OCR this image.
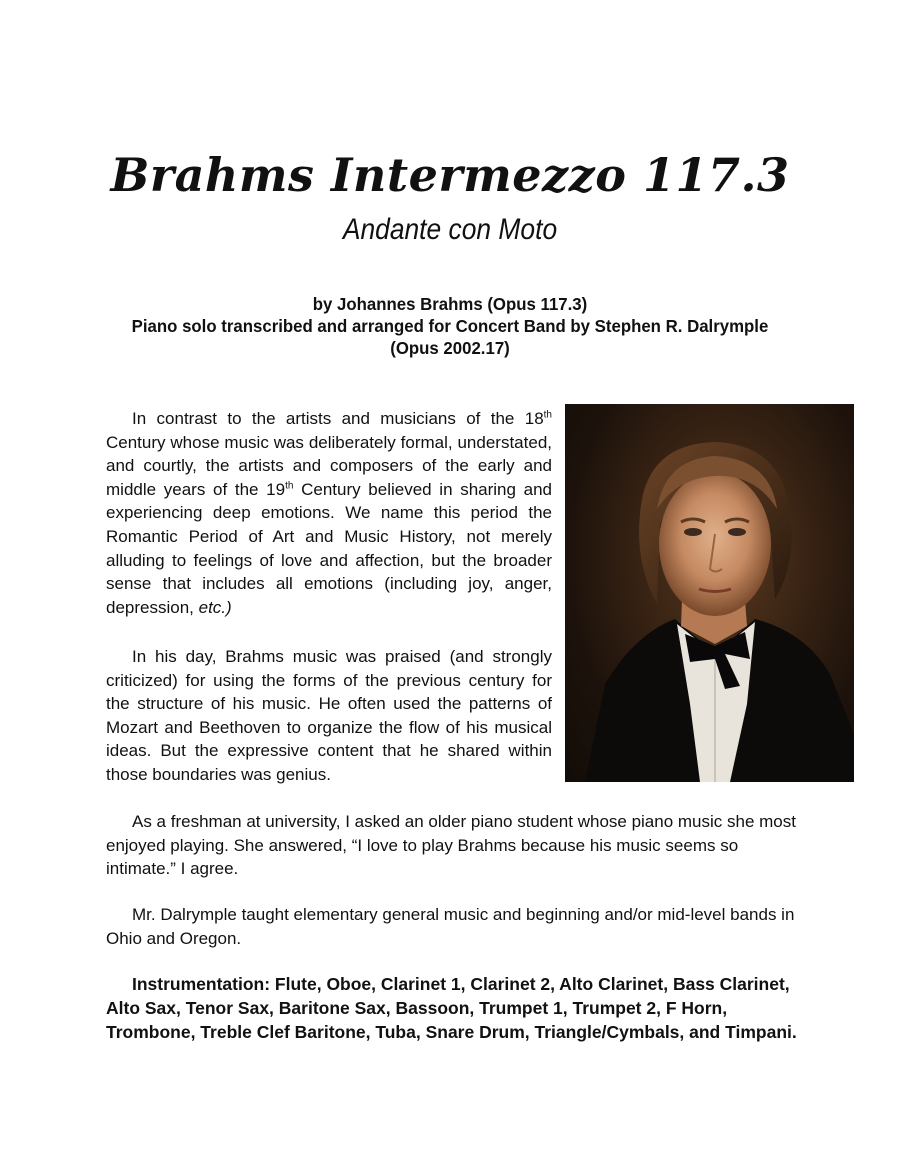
Brahms Intermezzo 117.3
Andante con Moto
by Johannes Brahms (Opus 117.3)
Piano solo transcribed and arranged for Concert Band by Stephen R. Dalrymple
(Opus 2002.17)
In contrast to the artists and musicians of the 18th Century whose music was deliberately formal, understated, and courtly, the artists and composers of the early and middle years of the 19th Century believed in sharing and experiencing deep emotions. We name this period the Romantic Period of Art and Music History, not merely alluding to feelings of love and affection, but the broader sense that includes all emotions (including joy, anger, depression, etc.)
In his day, Brahms music was praised (and strongly criticized) for using the forms of the previous century for the structure of his music. He often used the patterns of Mozart and Beethoven to organize the flow of his musical ideas. But the expressive content that he shared within those boundaries was genius.
As a freshman at university, I asked an older piano student whose piano music she most enjoyed playing. She answered, “I love to play Brahms because his music seems so intimate.” I agree.
Mr. Dalrymple taught elementary general music and beginning and/or mid-level bands in Ohio and Oregon.
Instrumentation: Flute, Oboe, Clarinet 1, Clarinet 2, Alto Clarinet, Bass Clarinet, Alto Sax, Tenor Sax, Baritone Sax, Bassoon, Trumpet 1, Trumpet 2, F Horn, Trombone, Treble Clef Baritone, Tuba, Snare Drum, Triangle/Cymbals, and Timpani.
